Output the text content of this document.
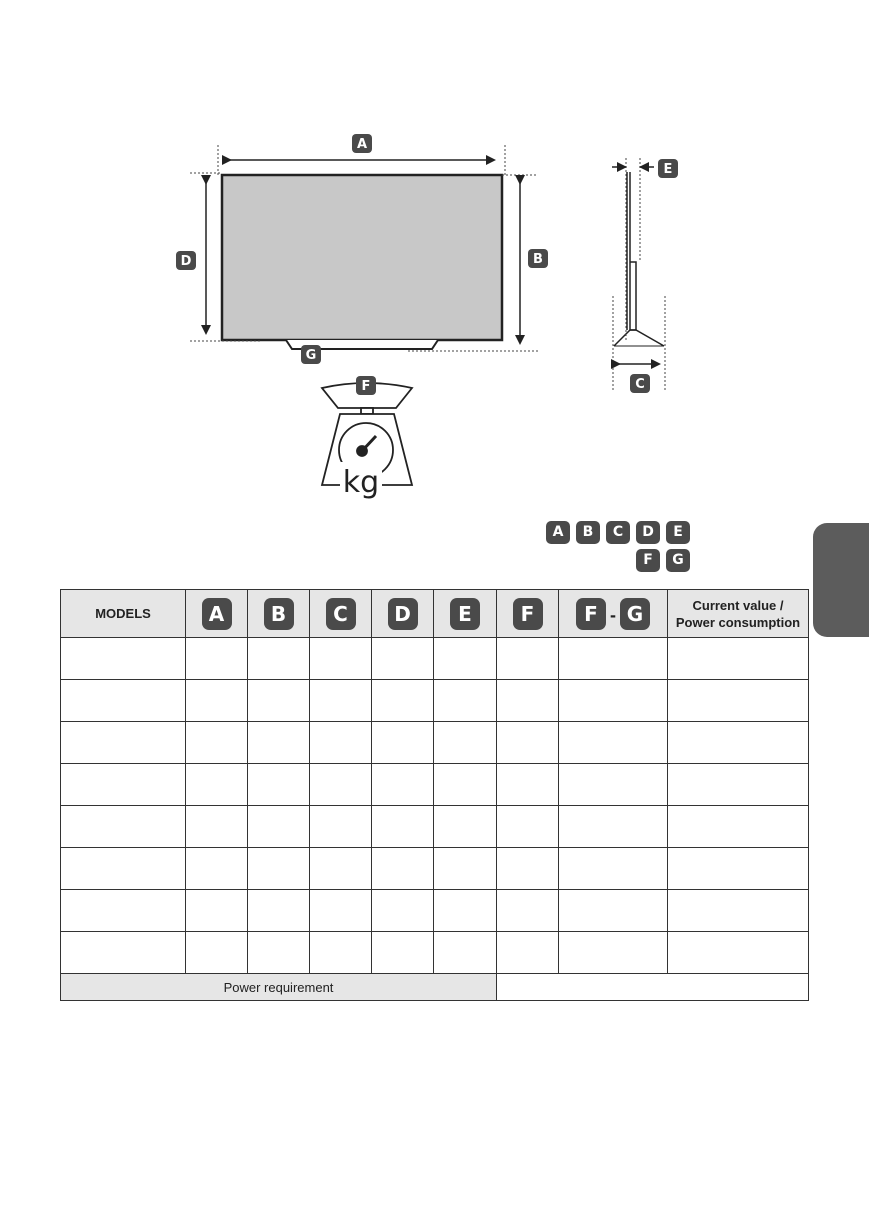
A
D	B
G
E
C
F
kg
A B C D E
F G
MODELS	A	B	C	D	E	F	F - G	Current value /
Power consumption

Power requirement								
